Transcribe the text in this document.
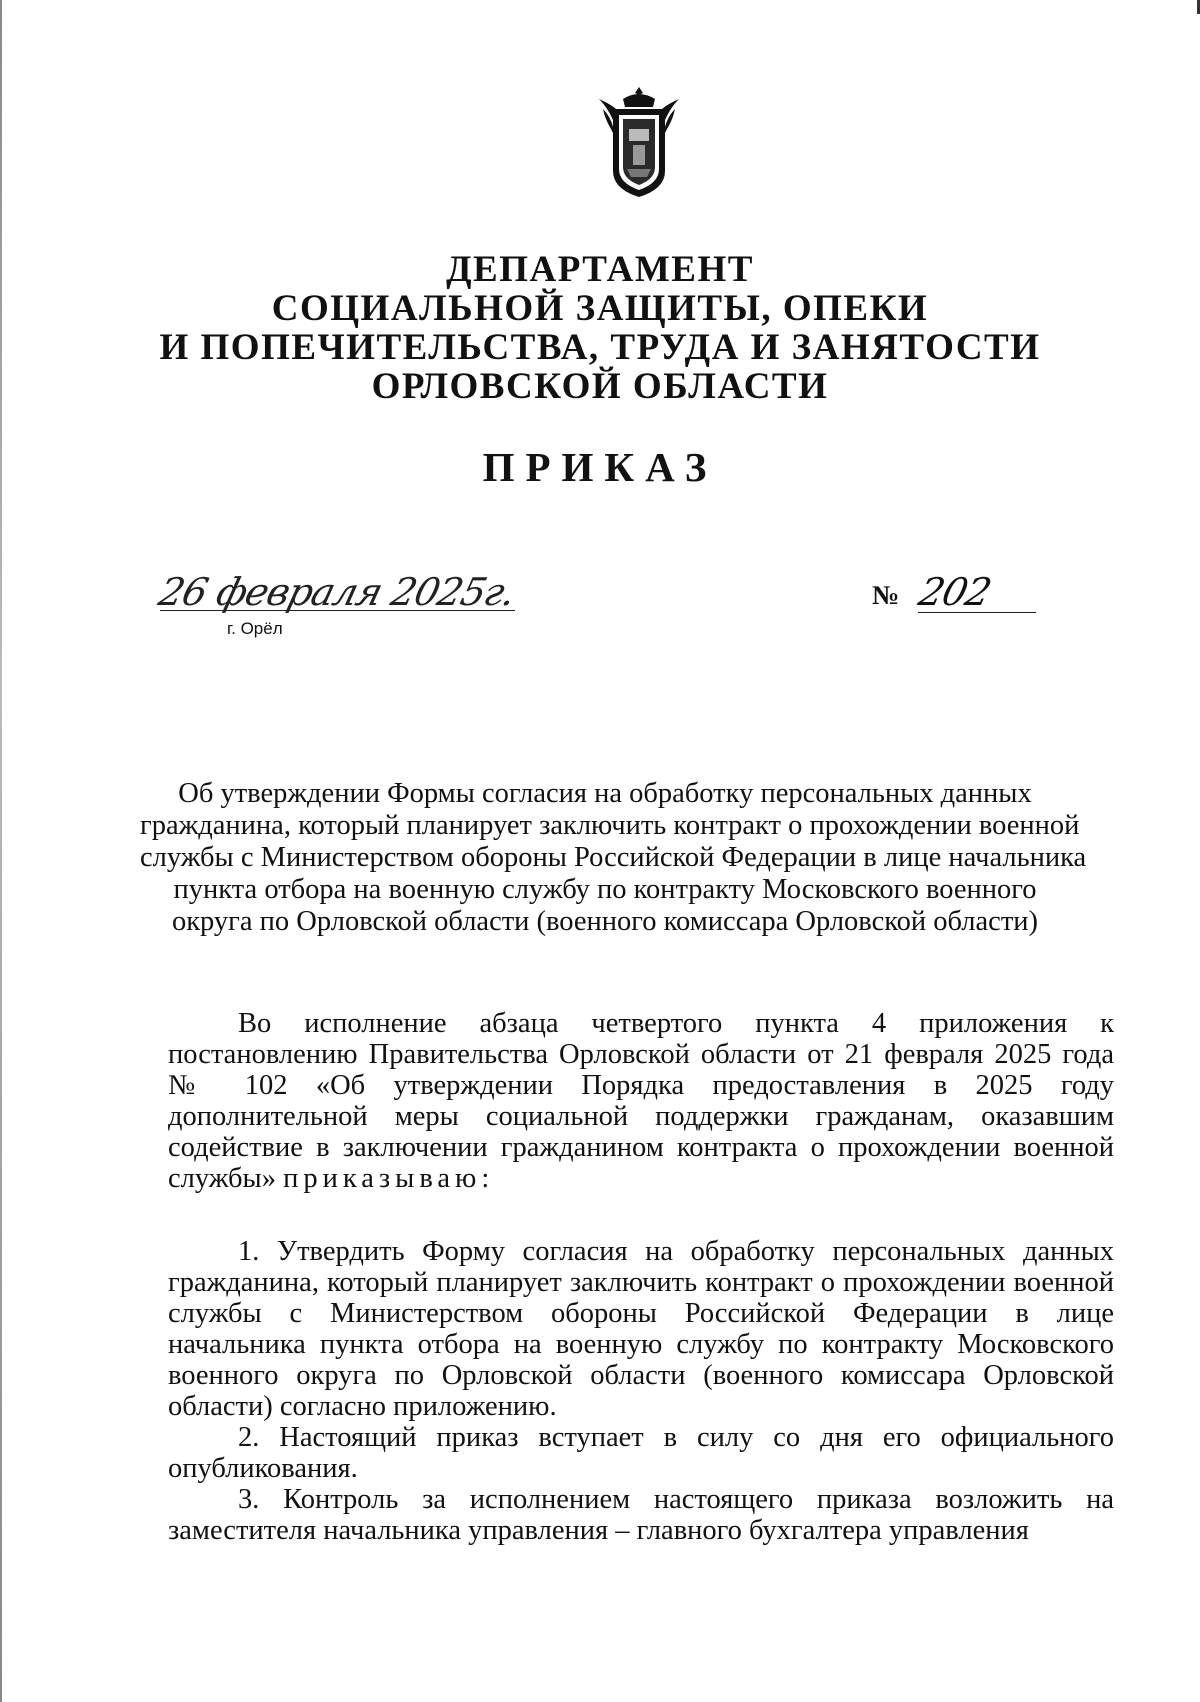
ДЕПАРТАМЕНТ
СОЦИАЛЬНОЙ ЗАЩИТЫ, ОПЕКИ
И ПОПЕЧИТЕЛЬСТВА, ТРУДА И ЗАНЯТОСТИ
ОРЛОВСКОЙ ОБЛАСТИ
ПРИКАЗ
26 февраля 2025г.
г. Орёл
№ 202
Об утверждении Формы согласия на обработку персональных данных
гражданина, который планирует заключить контракт о прохождении военной
службы с Министерством обороны Российской Федерации в лице начальника
пункта отбора на военную службу по контракту Московского военного
округа по Орловской области (военного комиссара Орловской области)

Во исполнение абзаца четвертого пункта 4 приложения к постановлению Правительства Орловской области от 21 февраля 2025 года № 102 «Об утверждении Порядка предоставления в 2025 году дополнительной меры социальной поддержки гражданам, оказавшим содействие в заключении гражданином контракта о прохождении военной службы» приказываю:

1. Утвердить Форму согласия на обработку персональных данных гражданина, который планирует заключить контракт о прохождении военной службы с Министерством обороны Российской Федерации в лице начальника пункта отбора на военную службу по контракту Московского военного округа по Орловской области (военного комиссара Орловской области) согласно приложению.

2. Настоящий приказ вступает в силу со дня его официального опубликования.

3. Контроль за исполнением настоящего приказа возложить на заместителя начальника управления – главного бухгалтера управления
